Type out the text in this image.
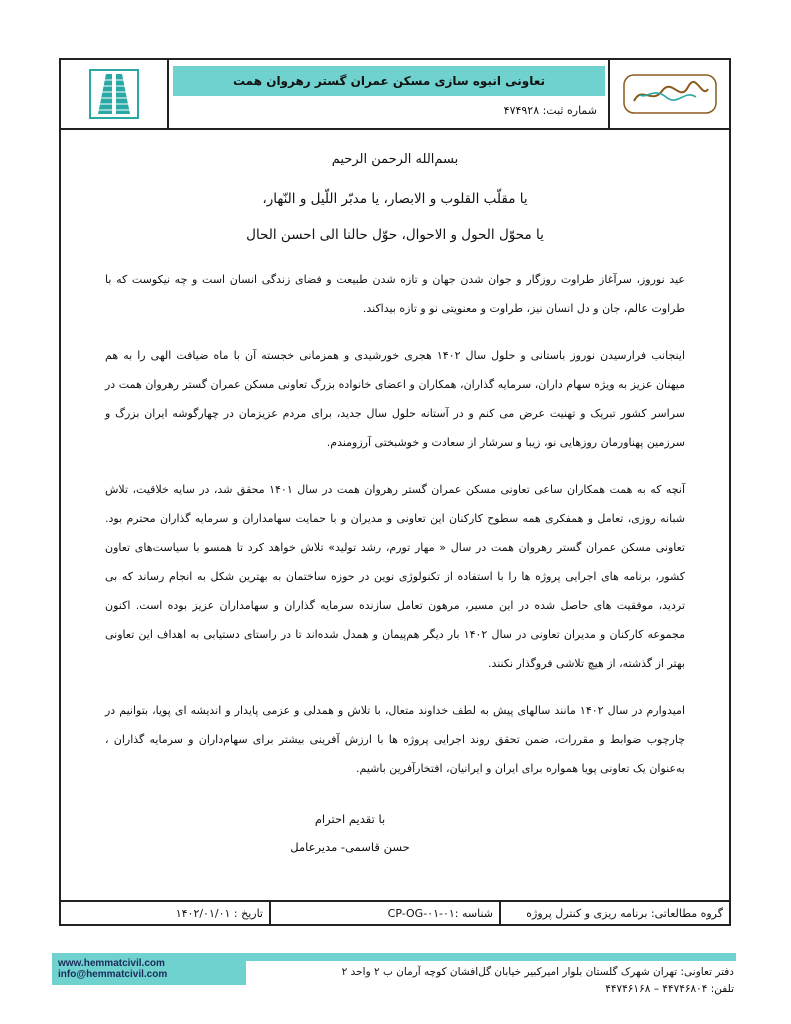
تعاونی انبوه سازی مسکن عمران گستر رهروان همت
شماره ثبت: ۴۷۴۹۲۸
بسم‌الله الرحمن الرحیم
یا مقلّب القلوب و الابصار، یا مدبّر اللّیل و النّهار،
یا محوّل الحول و الاحوال، حوّل حالنا الی احسن الحال

عید نوروز، سرآغاز طراوت روزگار و جوان شدن جهان و تازه شدن طبیعت و فضای زندگی انسان است و چه نیکوست که با طراوت عالم، جان و دل انسان نیز، طراوت و معنویتی نو و تازه بیداکند.

اینجانب فرارسیدن نوروز باستانی و حلول سال ۱۴۰۲ هجری خورشیدی و همزمانی خجسته آن با ماه ضیافت الهی را به هم میهنان عزیز به ویژه سهام داران، سرمایه گذاران، همکاران و اعضای خانواده بزرگ تعاونی مسکن عمران گستر رهروان همت در سراسر کشور تبریک و تهنیت عرض می کنم و در آستانه حلول سال جدید، برای مردم عزیزمان در چهارگوشه ایران بزرگ و سرزمین پهناورمان روزهایی نو، زیبا و سرشار از سعادت و خوشبختی آرزومندم.

آنچه که به همت همکاران ساعی تعاونی مسکن عمران گستر رهروان همت در سال ۱۴۰۱ محقق شد، در سایه خلاقیت، تلاش شبانه روزی، تعامل و همفکری همه سطوح کارکنان این تعاونی و مدیران و با حمایت سهامداران و سرمایه گذاران محترم بود. تعاونی مسکن عمران گستر رهروان همت در سال « مهار تورم، رشد تولید» تلاش خواهد کرد تا همسو با سیاست‌های تعاون کشور، برنامه های اجرایی پروژه ها را با استفاده از تکنولوژی نوین در حوزه ساختمان به بهترین شکل به انجام رساند که بی تردید، موفقیت های حاصل شده در این مسیر، مرهون تعامل سازنده سرمایه گذاران و سهامداران عزیز بوده است. اکنون مجموعه کارکنان و مدیران تعاونی در سال ۱۴۰۲ بار دیگر هم‌پیمان و همدل شده‌اند تا در راستای دستیابی به اهداف این تعاونی بهتر از گذشته، از هیچ تلاشی فروگذار نکنند.

امیدوارم در سال ۱۴۰۲ مانند سالهای پیش به لطف خداوند متعال، با تلاش و همدلی و عزمی پایدار و اندیشه ای پویا، بتوانیم در چارچوب ضوابط و مقررات، ضمن تحقق روند اجرایی پروژه ها با ارزش آفرینی بیشتر برای سهام‌داران و سرمایه گذاران ، به‌عنوان یک تعاونی پویا همواره برای ایران و ایرانیان، افتخارآفرین باشیم.

با تقدیم احترام
حسن قاسمی- مدیرعامل
گروه مطالعاتی: برنامه ریزی و کنترل پروژه
شناسه :CP-OG-۰۱-۰۱
تاریخ : ۱۴۰۲/۰۱/۰۱
www.hemmatcivil.com
info@hemmatcivil.com	دفتر تعاونی: تهران شهرک گلستان بلوار امیرکبیر خیابان گل‌افشان کوچه آرمان ب ۲ واحد ۲
تلفن: ۴۴۷۴۶۸۰۴ – ۴۴۷۴۶۱۶۸
